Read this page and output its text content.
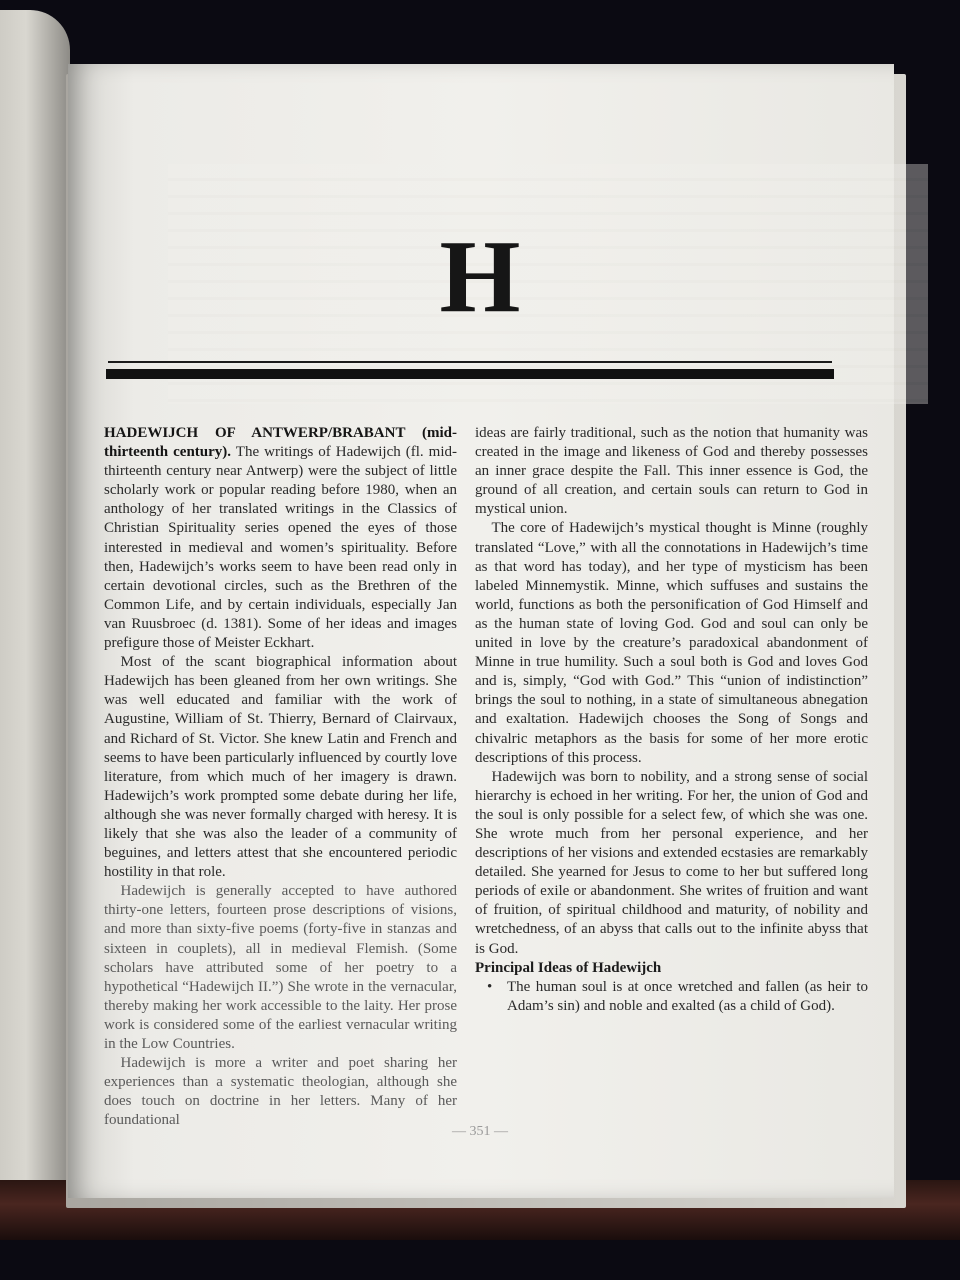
H

HADEWIJCH OF ANTWERP/BRABANT (mid-thirteenth century). The writings of Hadewijch (fl. mid-thirteenth century near Antwerp) were the subject of little scholarly work or popular reading before 1980, when an anthology of her translated writings in the Classics of Christian Spirituality series opened the eyes of those interested in medieval and women’s spirituality. Before then, Hadewijch’s works seem to have been read only in certain devotional circles, such as the Brethren of the Common Life, and by certain individuals, especially Jan van Ruusbroec (d. 1381). Some of her ideas and images prefigure those of Meister Eckhart.

Most of the scant biographical information about Hadewijch has been gleaned from her own writings. She was well educated and familiar with the work of Augustine, William of St. Thierry, Bernard of Clairvaux, and Richard of St. Victor. She knew Latin and French and seems to have been particularly influenced by courtly love literature, from which much of her imagery is drawn. Hadewijch’s work prompted some debate during her life, although she was never formally charged with heresy. It is likely that she was also the leader of a community of beguines, and letters attest that she encountered periodic hostility in that role.

Hadewijch is generally accepted to have authored thirty-one letters, fourteen prose descriptions of visions, and more than sixty-five poems (forty-five in stanzas and sixteen in couplets), all in medieval Flemish. (Some scholars have attributed some of her poetry to a hypothetical “Hadewijch II.”) She wrote in the vernacular, thereby making her work accessible to the laity. Her prose work is considered some of the earliest vernacular writing in the Low Countries.

Hadewijch is more a writer and poet sharing her experiences than a systematic theologian, although she does touch on doctrine in her letters. Many of her foundational

ideas are fairly traditional, such as the notion that humanity was created in the image and likeness of God and thereby possesses an inner grace despite the Fall. This inner essence is God, the ground of all creation, and certain souls can return to God in mystical union.

The core of Hadewijch’s mystical thought is Minne (roughly translated “Love,” with all the connotations in Hadewijch’s time as that word has today), and her type of mysticism has been labeled Minnemystik. Minne, which suffuses and sustains the world, functions as both the personification of God Himself and as the human state of loving God. God and soul can only be united in love by the creature’s paradoxical abandonment of Minne in true humility. Such a soul both is God and loves God and is, simply, “God with God.” This “union of indistinction” brings the soul to nothing, in a state of simultaneous abnegation and exaltation. Hadewijch chooses the Song of Songs and chivalric metaphors as the basis for some of her more erotic descriptions of this process.

Hadewijch was born to nobility, and a strong sense of social hierarchy is echoed in her writing. For her, the union of God and the soul is only possible for a select few, of which she was one. She wrote much from her personal experience, and her descriptions of her visions and extended ecstasies are remarkably detailed. She yearned for Jesus to come to her but suffered long periods of exile or abandonment. She writes of fruition and want of fruition, of spiritual childhood and maturity, of nobility and wretchedness, of an abyss that calls out to the infinite abyss that is God.

Principal Ideas of Hadewijch

• The human soul is at once wretched and fallen (as heir to Adam’s sin) and noble and exalted (as a child of God).
— 351 —
